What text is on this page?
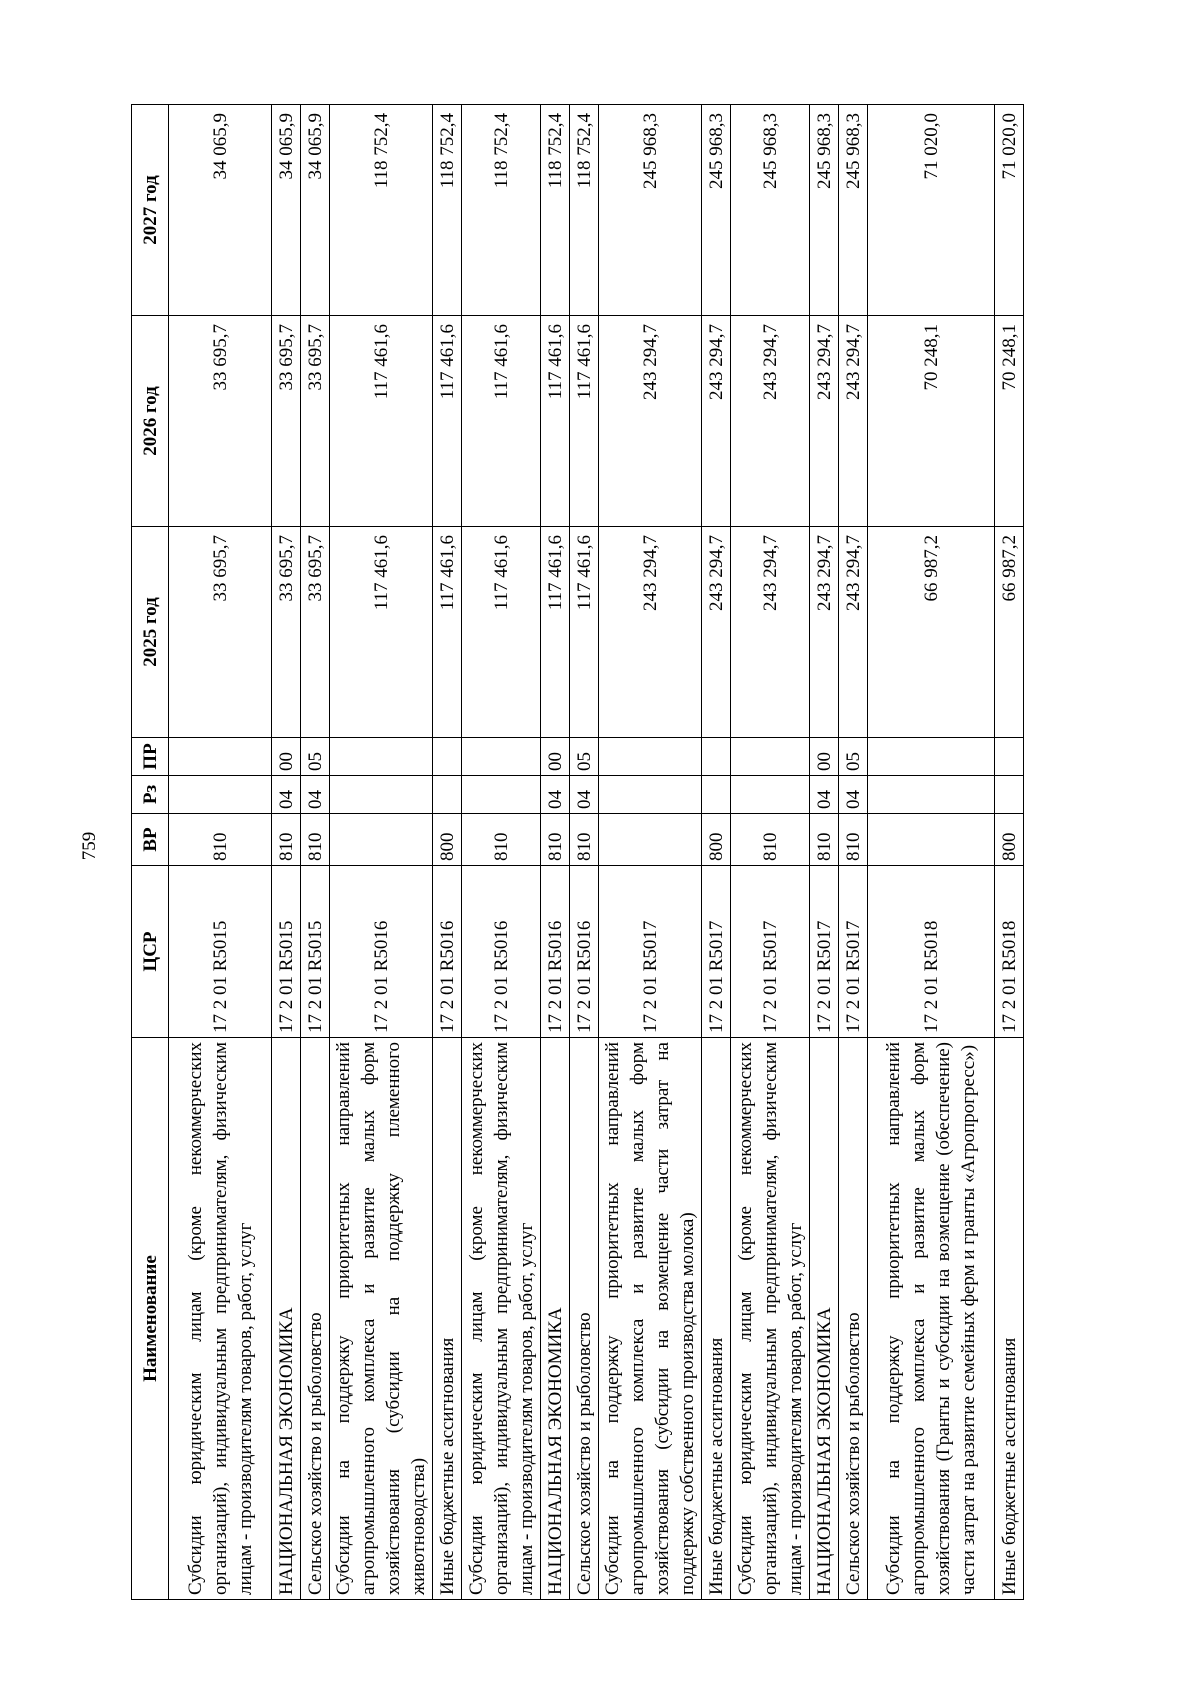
759
Наименование	ЦСР	ВР	Рз	ПР	2025 год	2026 год	2027 год
Субсидии юридическим лицам (кроме некоммерческих организаций), индивидуальным предпринимателям, физическим лицам - производителям товаров, работ, услуг	17 2 01 R5015	810			33 695,7	33 695,7	34 065,9
НАЦИОНАЛЬНАЯ ЭКОНОМИКА	17 2 01 R5015	810	04	00	33 695,7	33 695,7	34 065,9
Сельское хозяйство и рыболовство	17 2 01 R5015	810	04	05	33 695,7	33 695,7	34 065,9
Субсидии на поддержку приоритетных направлений агропромышленного комплекса и развитие малых форм хозяйствования (субсидии на поддержку племенного животноводства)	17 2 01 R5016				117 461,6	117 461,6	118 752,4
Иные бюджетные ассигнования	17 2 01 R5016	800			117 461,6	117 461,6	118 752,4
Субсидии юридическим лицам (кроме некоммерческих организаций), индивидуальным предпринимателям, физическим лицам - производителям товаров, работ, услуг	17 2 01 R5016	810			117 461,6	117 461,6	118 752,4
НАЦИОНАЛЬНАЯ ЭКОНОМИКА	17 2 01 R5016	810	04	00	117 461,6	117 461,6	118 752,4
Сельское хозяйство и рыболовство	17 2 01 R5016	810	04	05	117 461,6	117 461,6	118 752,4
Субсидии на поддержку приоритетных направлений агропромышленного комплекса и развитие малых форм хозяйствования (субсидии на возмещение части затрат на поддержку собственного производства молока)	17 2 01 R5017				243 294,7	243 294,7	245 968,3
Иные бюджетные ассигнования	17 2 01 R5017	800			243 294,7	243 294,7	245 968,3
Субсидии юридическим лицам (кроме некоммерческих организаций), индивидуальным предпринимателям, физическим лицам - производителям товаров, работ, услуг	17 2 01 R5017	810			243 294,7	243 294,7	245 968,3
НАЦИОНАЛЬНАЯ ЭКОНОМИКА	17 2 01 R5017	810	04	00	243 294,7	243 294,7	245 968,3
Сельское хозяйство и рыболовство	17 2 01 R5017	810	04	05	243 294,7	243 294,7	245 968,3
Субсидии на поддержку приоритетных направлений агропромышленного комплекса и развитие малых форм хозяйствования (Гранты и субсидии на возмещение (обеспечение) части затрат на развитие семейных ферм и гранты «Агропрогресс»)	17 2 01 R5018				66 987,2	70 248,1	71 020,0
Иные бюджетные ассигнования	17 2 01 R5018	800			66 987,2	70 248,1	71 020,0
